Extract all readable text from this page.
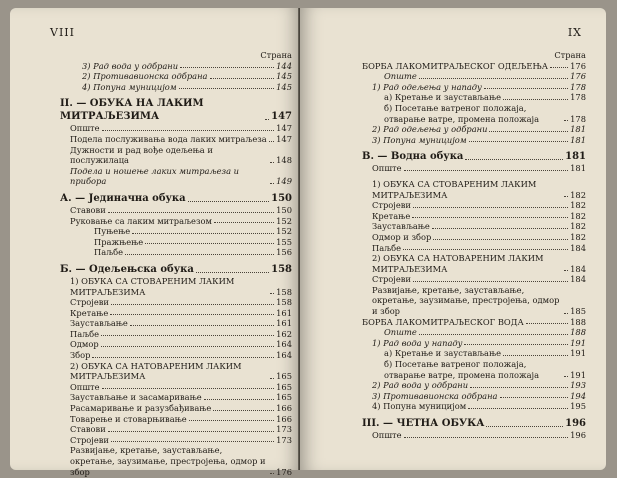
VIII
Страна
3) Рад вода у одбрани	144
2) Противавионска одбрана	145
4) Попуна муницијом	145
II. — ОБУКА НА ЛАКИМ МИТРАЉЕЗИМА	147
Опште	147
Подела послуживања вода лаких митраљеза 147
Дужности и рад вође одељења и послужилаца	148
Подела и ношење лаких митраљеза и прибора	149
А. — Јединачна обука	150
Ставови	150
Руковање са лаким митраљезом	152
Пуњење	152
Пражњење	155
Паљбе	156
Б. — Одељењска обука	158
1) ОБУКА СА СТОВАРЕНИМ ЛАКИМ МИТРАЉЕЗИМА	158
Стројеви	158
Кретање	161
Заустављање	161
Паљбе	162
Одмор	164
Збор	164
2) ОБУКА СА НАТОВАРЕНИМ ЛАКИМ МИТРАЉЕЗИМА	165
Опште	165
Заустављање и засамаривање	165
Расамаривање и разузбађивање	166
Товарење и стоварњивање	166
Ставови	173
Стројеви	173
Развијање, кретање, заустављање, окретање, заузимање, престројења, одмор и збор	176
IX
Страна
БОРБА ЛАКОМИТРАЉЕСКОГ ОДЕЉЕЊА	176
Опште	176
1) Рад одељења у нападу	178
а) Кретање и заустављање	178
б) Посетање ватреног положаја, отварање ватре, промена положаја	178
2) Рад одељења у одбрани	181
3) Попуна муницијом	181
В. — Водна обука	181
Опште	181
1) ОБУКА СА СТОВАРЕНИМ ЛАКИМ МИТРАЉЕЗИМА	182
Стројеви	182
Кретање	182
Заустављање	182
Одмор и збор	182
Паљбе	184
2) ОБУКА СА НАТОВАРЕНИМ ЛАКИМ МИТРАЉЕЗИМА	184
Стројеви	184
Развијање, кретање, заустављање, окретање, заузимање, престројења, одмор и збор	185
БОРБА ЛАКОМИТРАЉЕСКОГ ВОДА	188
Опште	188
1) Рад вода у нападу	191
а) Кретање и заустављање	191
б) Посетање ватреног положаја, отварање ватре, промена положаја	191
2) Рад вода у одбрани	193
3) Противавионска одбрана	194
4) Попуна муницијом	195
III. — ЧЕТНА ОБУКА	196
Опште	196
